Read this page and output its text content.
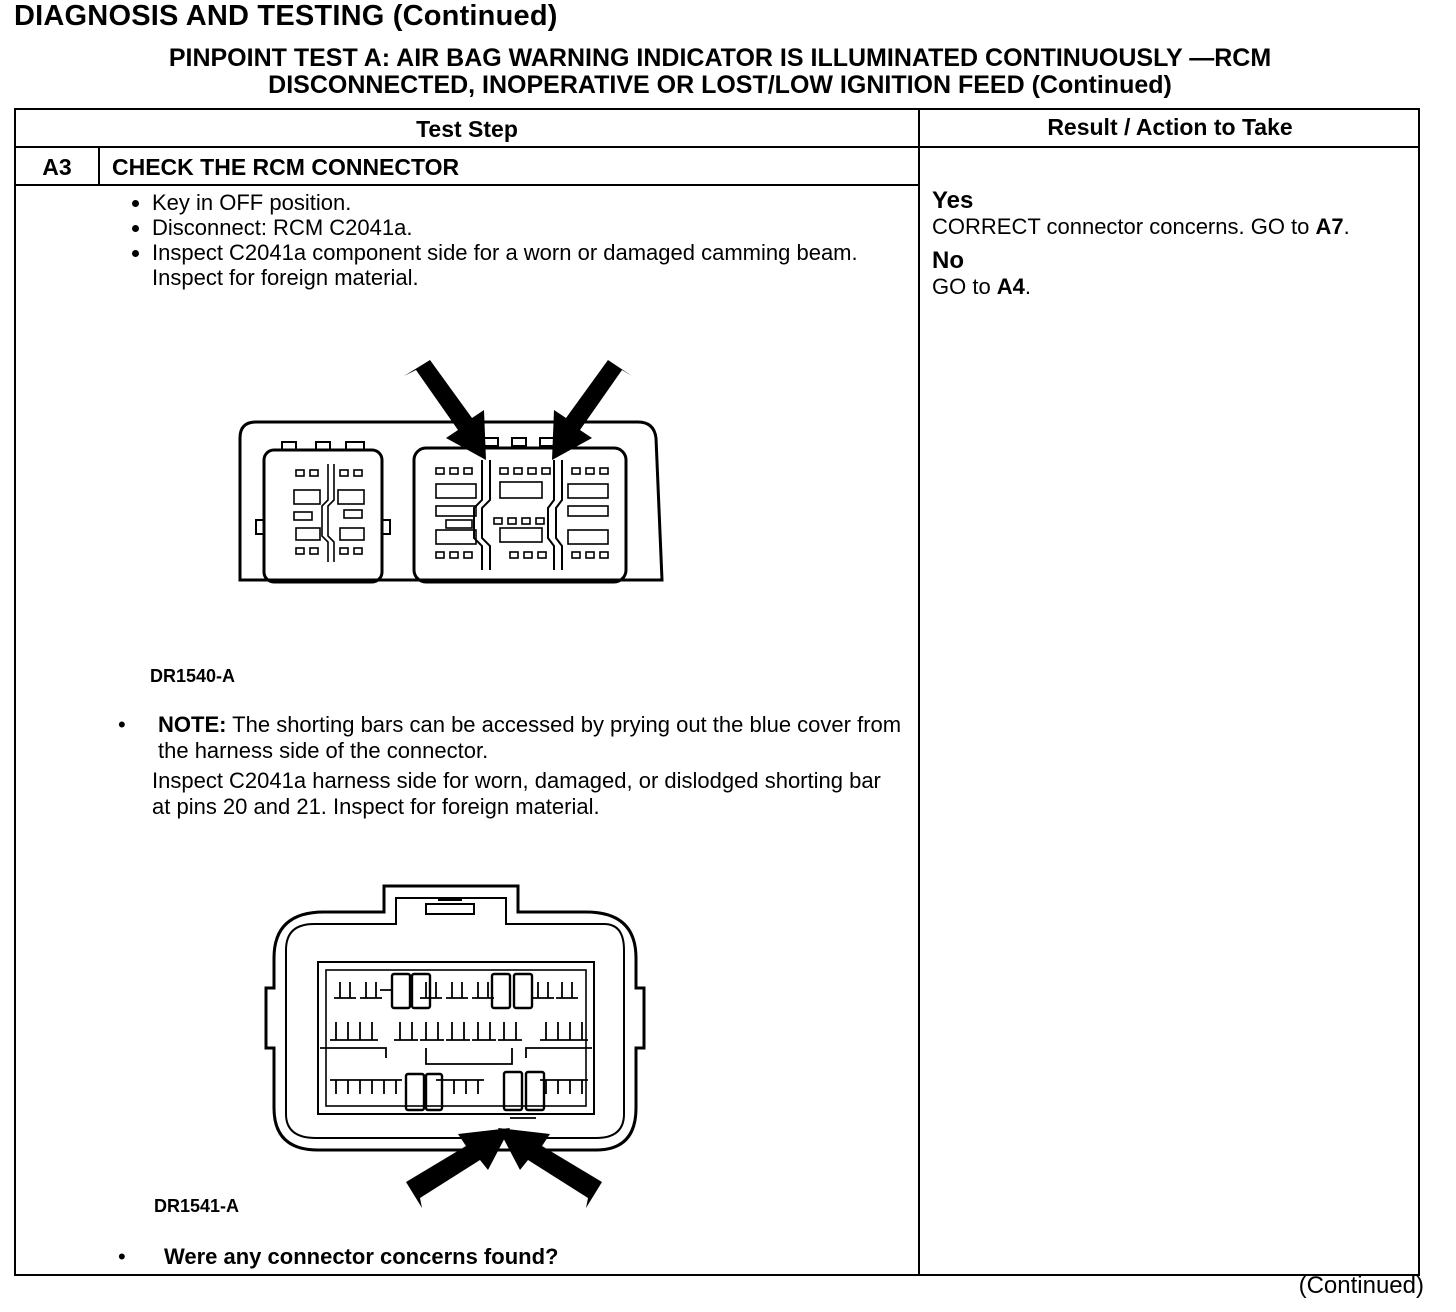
DIAGNOSIS AND TESTING (Continued)
PINPOINT TEST A: AIR BAG WARNING INDICATOR IS ILLUMINATED CONTINUOUSLY —RCM
DISCONNECTED, INOPERATIVE OR LOST/LOW IGNITION FEED (Continued)
Test Step	Result / Action to Take
A3	CHECK THE RCM CONNECTOR
• Key in OFF position.
• Disconnect: RCM C2041a.
• Inspect C2041a component side for a worn or damaged camming beam. Inspect for foreign material.
DR1540-A
•	NOTE: The shorting bars can be accessed by prying out the blue cover from the harness side of the connector.
Inspect C2041a harness side for worn, damaged, or dislodged shorting bar at pins 20 and 21. Inspect for foreign material.
DR1541-A
• Were any connector concerns found?
Yes
CORRECT connector concerns. GO to A7.
No
GO to A4.
(Continued)
